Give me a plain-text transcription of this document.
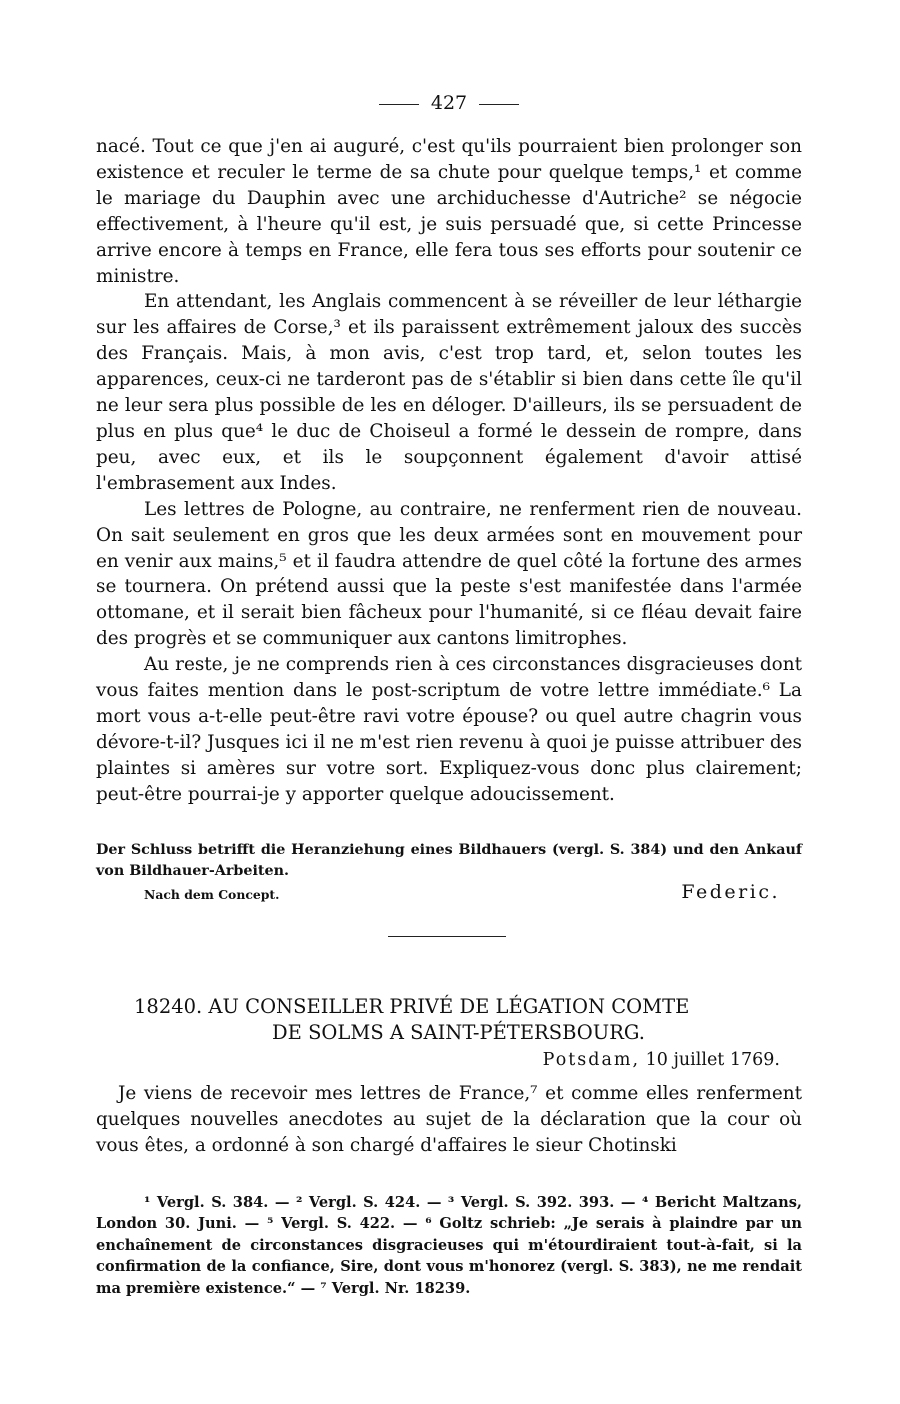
427

nacé. Tout ce que j'en ai auguré, c'est qu'ils pourraient bien prolonger son existence et reculer le terme de sa chute pour quelque temps,¹ et comme le mariage du Dauphin avec une archiduchesse d'Autriche² se négocie effectivement, à l'heure qu'il est, je suis persuadé que, si cette Princesse arrive encore à temps en France, elle fera tous ses efforts pour soutenir ce ministre.

En attendant, les Anglais commencent à se réveiller de leur léthargie sur les affaires de Corse,³ et ils paraissent extrêmement jaloux des succès des Français. Mais, à mon avis, c'est trop tard, et, selon toutes les apparences, ceux-ci ne tarderont pas de s'établir si bien dans cette île qu'il ne leur sera plus possible de les en déloger. D'ailleurs, ils se persuadent de plus en plus que⁴ le duc de Choiseul a formé le dessein de rompre, dans peu, avec eux, et ils le soupçonnent également d'avoir attisé l'embrasement aux Indes.

Les lettres de Pologne, au contraire, ne renferment rien de nouveau. On sait seulement en gros que les deux armées sont en mouvement pour en venir aux mains,⁵ et il faudra attendre de quel côté la fortune des armes se tournera. On prétend aussi que la peste s'est manifestée dans l'armée ottomane, et il serait bien fâcheux pour l'humanité, si ce fléau devait faire des progrès et se communiquer aux cantons limitrophes.

Au reste, je ne comprends rien à ces circonstances disgracieuses dont vous faites mention dans le post-scriptum de votre lettre immédiate.⁶ La mort vous a-t-elle peut-être ravi votre épouse? ou quel autre chagrin vous dévore-t-il? Jusques ici il ne m'est rien revenu à quoi je puisse attribuer des plaintes si amères sur votre sort. Expliquez-vous donc plus clairement; peut-être pourrai-je y apporter quelque adoucissement.

Der Schluss betrifft die Heranziehung eines Bildhauers (vergl. S. 384) und den Ankauf von Bildhauer-Arbeiten.

Nach dem Concept.	Federic.
18240. AU CONSEILLER PRIVÉ DE LÉGATION COMTE
DE SOLMS A SAINT-PÉTERSBOURG.
Potsdam, 10 juillet 1769.

Je viens de recevoir mes lettres de France,⁷ et comme elles renferment quelques nouvelles anecdotes au sujet de la déclaration que la cour où vous êtes, a ordonné à son chargé d'affaires le sieur Chotinski

¹ Vergl. S. 384. — ² Vergl. S. 424. — ³ Vergl. S. 392. 393. — ⁴ Bericht Maltzans, London 30. Juni. — ⁵ Vergl. S. 422. — ⁶ Goltz schrieb: „Je serais à plaindre par un enchaînement de circonstances disgracieuses qui m'étourdiraient tout-à-fait, si la confirmation de la confiance, Sire, dont vous m'honorez (vergl. S. 383), ne me rendait ma première existence.“ — ⁷ Vergl. Nr. 18239.
